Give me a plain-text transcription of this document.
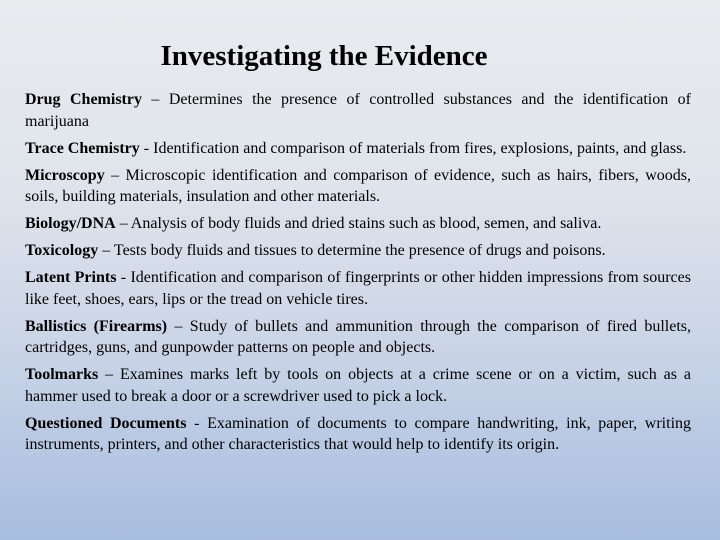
Investigating the Evidence
Drug Chemistry – Determines the presence of controlled substances and the identification of marijuana
Trace Chemistry - Identification and comparison of materials from fires, explosions, paints, and glass.
Microscopy – Microscopic identification and comparison of evidence, such as hairs, fibers, woods, soils, building materials, insulation and other materials.
Biology/DNA – Analysis of body fluids and dried stains such as blood, semen, and saliva.
Toxicology – Tests body fluids and tissues to determine the presence of drugs and poisons.
Latent Prints - Identification and comparison of fingerprints or other hidden impressions from sources like feet, shoes, ears, lips or the tread on vehicle tires.
Ballistics (Firearms) – Study of bullets and ammunition through the comparison of fired bullets, cartridges, guns, and gunpowder patterns on people and objects.
Toolmarks – Examines marks left by tools on objects at a crime scene or on a victim, such as a hammer used to break a door or a screwdriver used to pick a lock.
Questioned Documents - Examination of documents to compare handwriting, ink, paper, writing instruments, printers, and other characteristics that would help to identify its origin.
